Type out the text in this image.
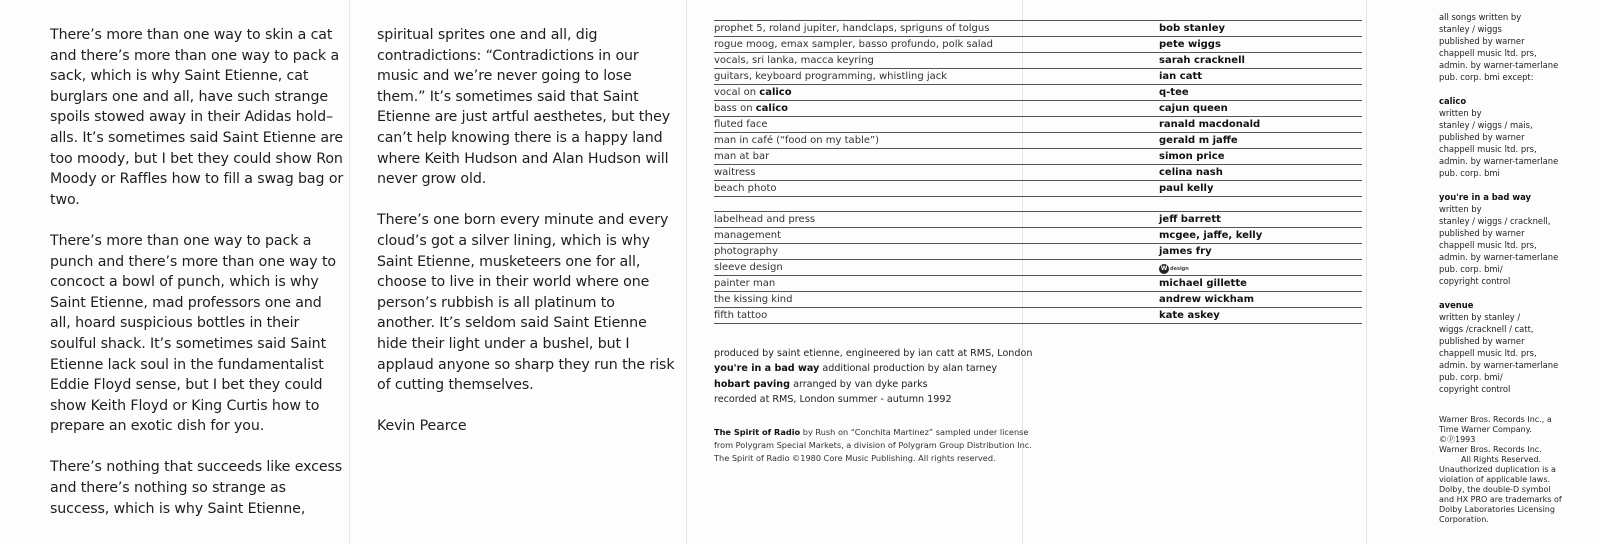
There’s more than one way to skin a cat and there’s more than one way to pack a sack, which is why Saint Etienne, cat burglars one and all, have such strange spoils stowed away in their Adidas hold–alls. It’s sometimes said Saint Etienne are too moody, but I bet they could show Ron Moody or Raffles how to fill a swag bag or two.

There’s more than one way to pack a punch and there’s more than one way to concoct a bowl of punch, which is why Saint Etienne, mad professors one and all, hoard suspicious bottles in their soulful shack. It’s sometimes said Saint Etienne lack soul in the fundamentalist Eddie Floyd sense, but I bet they could show Keith Floyd or King Curtis how to prepare an exotic dish for you.

There’s nothing that succeeds like excess and there’s nothing so strange as success, which is why Saint Etienne,

spiritual sprites one and all, dig contradictions: “Contradictions in our music and we’re never going to lose them.” It’s sometimes said that Saint Etienne are just artful aesthetes, but they can’t help knowing there is a happy land where Keith Hudson and Alan Hudson will never grow old.

There’s one born every minute and every cloud’s got a silver lining, which is why Saint Etienne, musketeers one for all, choose to live in their world where one person’s rubbish is all platinum to another. It’s seldom said Saint Etienne hide their light under a bushel, but I applaud anyone so sharp they run the risk of cutting themselves.

Kevin Pearce

prophet 5, roland jupiter, handclaps, spriguns of tolgus	bob stanley
rogue moog, emax sampler, basso profundo, polk salad	pete wiggs
vocals, sri lanka, macca keyring	sarah cracknell
guitars, keyboard programming, whistling jack	ian catt
vocal on calico	q-tee
bass on calico	cajun queen
fluted face	ranald macdonald
man in café (“food on my table”)	gerald m jaffe
man at bar	simon price
waitress	celina nash
beach photo	paul kelly
labelhead and press	jeff barrett
management	mcgee, jaffe, kelly
photography	james fry
sleeve design	W design
painter man	michael gillette
the kissing kind	andrew wickham
fifth tattoo	kate askey
produced by saint etienne, engineered by ian catt at RMS, London
you're in a bad way additional production by alan tarney
hobart paving arranged by van dyke parks
recorded at RMS, London summer - autumn 1992
The Spirit of Radio by Rush on “Conchita Martinez” sampled under license
from Polygram Special Markets, a division of Polygram Group Distribution Inc.
The Spirit of Radio ©1980 Core Music Publishing. All rights reserved.
all songs written by
stanley / wiggs
published by warner
chappell music ltd. prs,
admin. by warner-tamerlane
pub. corp. bmi except:
calico
written by
stanley / wiggs / mais,
published by warner
chappell music ltd. prs,
admin. by warner-tamerlane
pub. corp. bmi
you're in a bad way
written by
stanley / wiggs / cracknell,
published by warner
chappell music ltd. prs,
admin. by warner-tamerlane
pub. corp. bmi/
copyright control
avenue
written by stanley /
wiggs /cracknell / catt,
published by warner
chappell music ltd. prs,
admin. by warner-tamerlane
pub. corp. bmi/
copyright control
Warner Bros. Records Inc., a
Time Warner Company. ©Ⓟ1993
Warner Bros. Records Inc.
All Rights Reserved.
Unauthorized duplication is a
violation of applicable laws.
Dolby, the double-D symbol
and HX PRO are trademarks of
Dolby Laboratories Licensing
Corporation.
